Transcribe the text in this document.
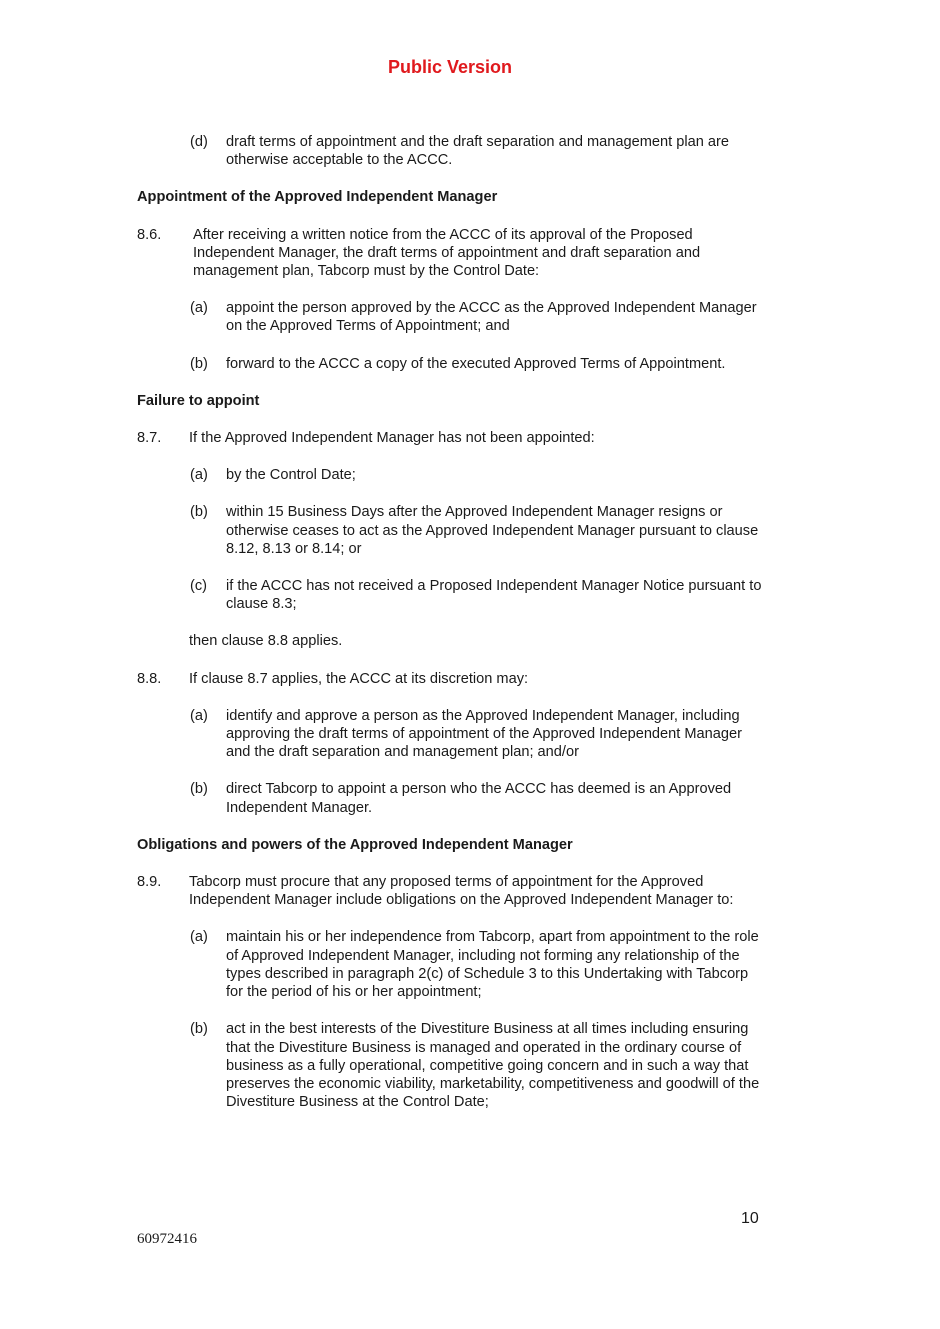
Public Version
(d) draft terms of appointment and the draft separation and management plan are otherwise acceptable to the ACCC.
Appointment of the Approved Independent Manager
8.6. After receiving a written notice from the ACCC of its approval of the Proposed Independent Manager, the draft terms of appointment and draft separation and management plan, Tabcorp must by the Control Date:
(a) appoint the person approved by the ACCC as the Approved Independent Manager on the Approved Terms of Appointment; and
(b) forward to the ACCC a copy of the executed Approved Terms of Appointment.
Failure to appoint
8.7. If the Approved Independent Manager has not been appointed:
(a) by the Control Date;
(b) within 15 Business Days after the Approved Independent Manager resigns or otherwise ceases to act as the Approved Independent Manager pursuant to clause 8.12, 8.13 or 8.14; or
(c) if the ACCC has not received a Proposed Independent Manager Notice pursuant to clause 8.3;
then clause 8.8 applies.
8.8. If clause 8.7 applies, the ACCC at its discretion may:
(a) identify and approve a person as the Approved Independent Manager, including approving the draft terms of appointment of the Approved Independent Manager and the draft separation and management plan; and/or
(b) direct Tabcorp to appoint a person who the ACCC has deemed is an Approved Independent Manager.
Obligations and powers of the Approved Independent Manager
8.9. Tabcorp must procure that any proposed terms of appointment for the Approved Independent Manager include obligations on the Approved Independent Manager to:
(a) maintain his or her independence from Tabcorp, apart from appointment to the role of Approved Independent Manager, including not forming any relationship of the types described in paragraph 2(c) of Schedule 3 to this Undertaking with Tabcorp for the period of his or her appointment;
(b) act in the best interests of the Divestiture Business at all times including ensuring that the Divestiture Business is managed and operated in the ordinary course of business as a fully operational, competitive going concern and in such a way that preserves the economic viability, marketability, competitiveness and goodwill of the Divestiture Business at the Control Date;
10
60972416
